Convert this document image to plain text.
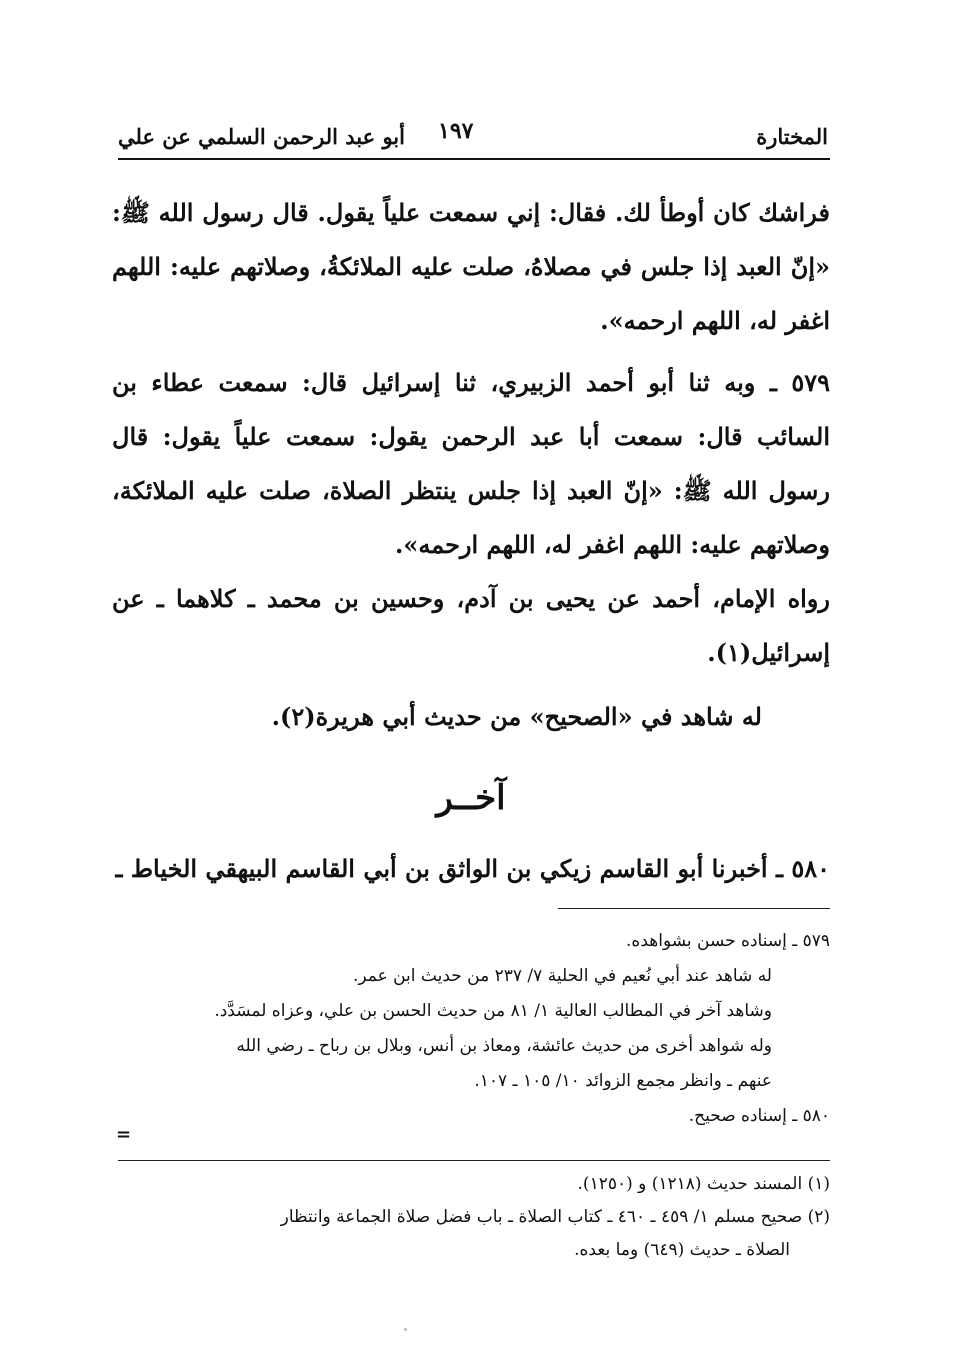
المختارة
١٩٧
أبو عبد الرحمن السلمي عن علي
فراشك كان أوطأ لك. فقال: إني سمعت علياً يقول. قال رسول الله ﷺ: «إنّ العبد إذا جلس في مصلاهُ، صلت عليه الملائكةُ، وصلاتهم عليه: اللهم اغفر له، اللهم ارحمه».
٥٧٩ ـ وبه ثنا أبو أحمد الزبيري، ثنا إسرائيل قال: سمعت عطاء بن السائب قال: سمعت أبا عبد الرحمن يقول: سمعت علياً يقول: قال رسول الله ﷺ: «إنّ العبد إذا جلس ينتظر الصلاة، صلت عليه الملائكة، وصلاتهم عليه: اللهم اغفر له، اللهم ارحمه».
رواه الإمام، أحمد عن يحيى بن آدم، وحسين بن محمد ـ كلاهما ـ عن إسرائيل(١).
له شاهد في «الصحيح» من حديث أبي هريرة(٢).
آخــر
٥٨٠ ـ أخبرنا أبو القاسم زيكي بن الواثق بن أبي القاسم البيهقي الخياط ـ
٥٧٩ ـ إسناده حسن بشواهده.
له شاهد عند أبي نُعيم في الحلية ٧/ ٢٣٧ من حديث ابن عمر.
وشاهد آخر في المطالب العالية ١/ ٨١ من حديث الحسن بن علي، وعزاه لمسَدَّد.
وله شواهد أخرى من حديث عائشة، ومعاذ بن أنس، وبلال بن رباح ـ رضي الله
عنهم ـ وانظر مجمع الزوائد ١٠/ ١٠٥ ـ ١٠٧.
٥٨٠ ـ إسناده صحيح.
=
(١) المسند حديث (١٢١٨) و (١٢٥٠).
(٢) صحيح مسلم ١/ ٤٥٩ ـ ٤٦٠ ـ كتاب الصلاة ـ باب فضل صلاة الجماعة وانتظار
الصلاة ـ حديث (٦٤٩) وما بعده.
